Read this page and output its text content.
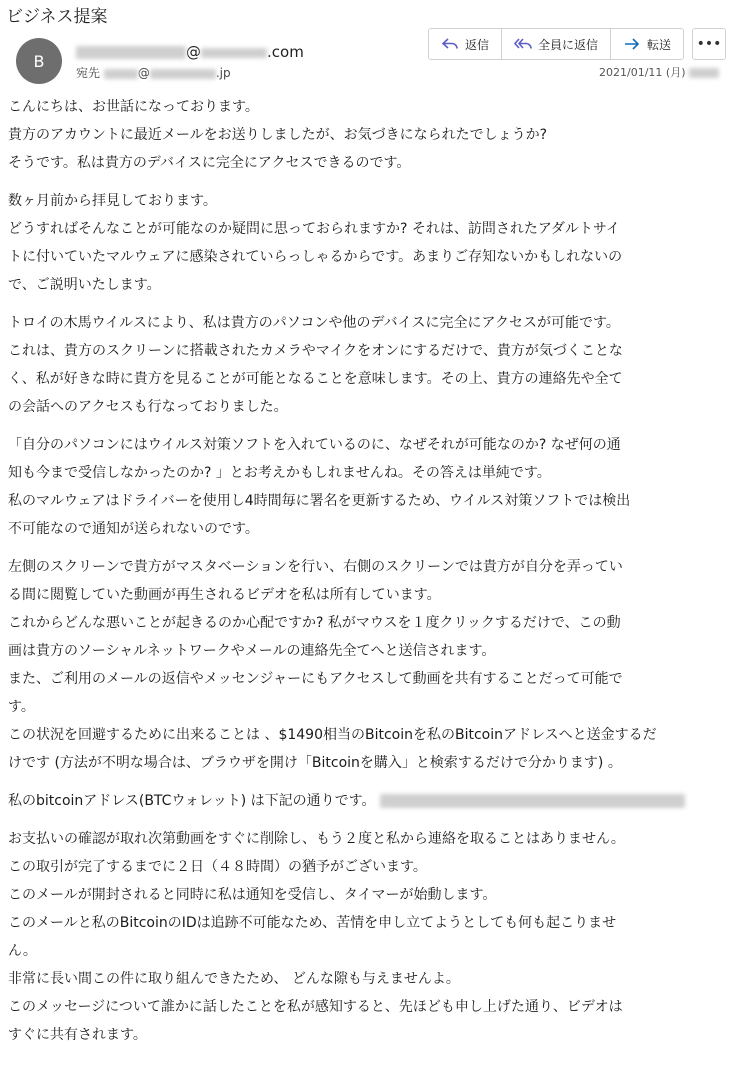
ビジネス提案
B	@	.com
宛先	@	.jp
返信	全員に返信	転送 •••
2021/01/11 (月)

こんにちは、お世話になっております。

貴方のアカウントに最近メールをお送りしましたが、お気づきになられたでしょうか?

そうです。私は貴方のデバイスに完全にアクセスできるのです。

数ヶ月前から拝見しております。

どうすればそんなことが可能なのか疑問に思っておられますか? それは、訪問されたアダルトサイ

トに付いていたマルウェアに感染されていらっしゃるからです。あまりご存知ないかもしれないの

で、ご説明いたします。

トロイの木馬ウイルスにより、私は貴方のパソコンや他のデバイスに完全にアクセスが可能です。

これは、貴方のスクリーンに搭載されたカメラやマイクをオンにするだけで、貴方が気づくことな

く、私が好きな時に貴方を見ることが可能となることを意味します。その上、貴方の連絡先や全て

の会話へのアクセスも行なっておりました。

「自分のパソコンにはウイルス対策ソフトを入れているのに、なぜそれが可能なのか? なぜ何の通

知も今まで受信しなかったのか? 」とお考えかもしれませんね。その答えは単純です。

私のマルウェアはドライバーを使用し4時間毎に署名を更新するため、ウイルス対策ソフトでは検出

不可能なので通知が送られないのです。

左側のスクリーンで貴方がマスタベーションを行い、右側のスクリーンでは貴方が自分を弄ってい

る間に閲覧していた動画が再生されるビデオを私は所有しています。

これからどんな悪いことが起きるのか心配ですか? 私がマウスを１度クリックするだけで、この動

画は貴方のソーシャルネットワークやメールの連絡先全てへと送信されます。

また、ご利用のメールの返信やメッセンジャーにもアクセスして動画を共有することだって可能で

す。

この状況を回避するために出来ることは 、$1490相当のBitcoinを私のBitcoinアドレスへと送金するだ

けです (方法が不明な場合は、ブラウザを開け「Bitcoinを購入」と検索するだけで分かります) 。

私のbitcoinアドレス(BTCウォレット) は下記の通りです。

お支払いの確認が取れ次第動画をすぐに削除し、もう２度と私から連絡を取ることはありません。

この取引が完了するまでに２日（４８時間）の猶予がございます。

このメールが開封されると同時に私は通知を受信し、タイマーが始動します。

このメールと私のBitcoinのIDは追跡不可能なため、苦情を申し立てようとしても何も起こりませ

ん。

非常に長い間この件に取り組んできたため、 どんな隙も与えませんよ。

このメッセージについて誰かに話したことを私が感知すると、先ほども申し上げた通り、ビデオは

すぐに共有されます。
